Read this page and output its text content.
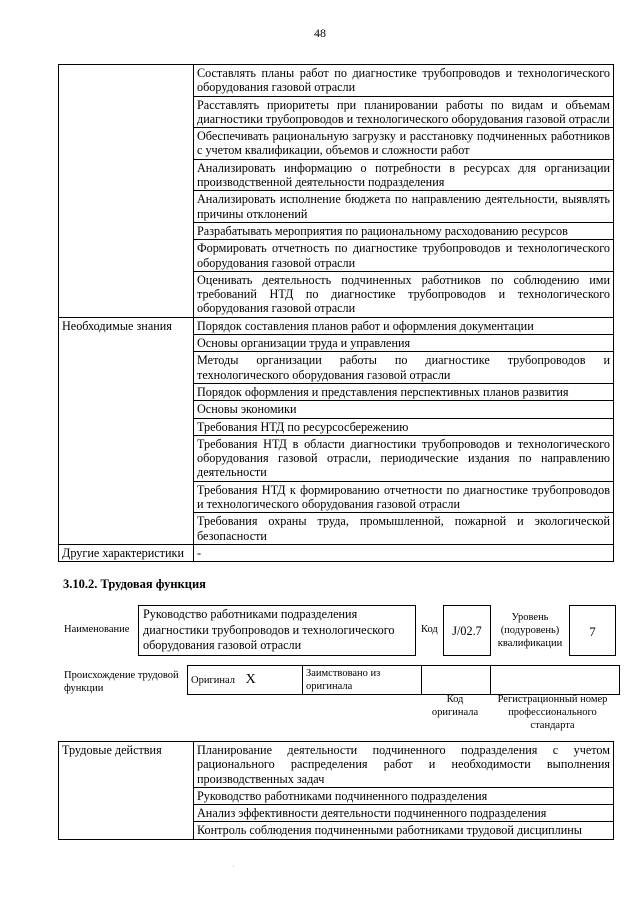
48
	Составлять планы работ по диагностике трубопроводов и технологического оборудования газовой отрасли
	Расставлять приоритеты при планировании работы по видам и объемам диагностики трубопроводов и технологического оборудования газовой отрасли
	Обеспечивать рациональную загрузку и расстановку подчиненных работников с учетом квалификации, объемов и сложности работ
	Анализировать информацию о потребности в ресурсах для организации производственной деятельности подразделения
	Анализировать исполнение бюджета по направлению деятельности, выявлять причины отклонений
	Разрабатывать мероприятия по рациональному расходованию ресурсов
	Формировать отчетность по диагностике трубопроводов и технологического оборудования газовой отрасли
	Оценивать деятельность подчиненных работников по соблюдению ими требований НТД по диагностике трубопроводов и технологического оборудования газовой отрасли
Необходимые знания	Порядок составления планов работ и оформления документации
	Основы организации труда и управления
	Методы организации работы по диагностике трубопроводов и технологического оборудования газовой отрасли
	Порядок оформления и представления перспективных планов развития
	Основы экономики
	Требования НТД по ресурсосбережению
	Требования НТД в области диагностики трубопроводов и технологического оборудования газовой отрасли, периодические издания по направлению деятельности
	Требования НТД к формированию отчетности по диагностике трубопроводов и технологического оборудования газовой отрасли
	Требования охраны труда, промышленной, пожарной и экологической безопасности
Другие характеристики	-
3.10.2. Трудовая функция
Наименование
Руководство работниками подразделения диагностики трубопроводов и технологического оборудования газовой отрасли
Код	J/02.7
Уровень (подуровень) квалификации
7
Происхождение трудовой функции
Оригинал X	Заимствовано из оригинала		
Код оригинала
Регистрационный номер профессионального стандарта
Трудовые действия	Планирование деятельности подчиненного подразделения с учетом рационального распределения работ и необходимости выполнения производственных задач
Руководство работниками подчиненного подразделения
Анализ эффективности деятельности подчиненного подразделения
Контроль соблюдения подчиненными работниками трудовой дисциплины
·
